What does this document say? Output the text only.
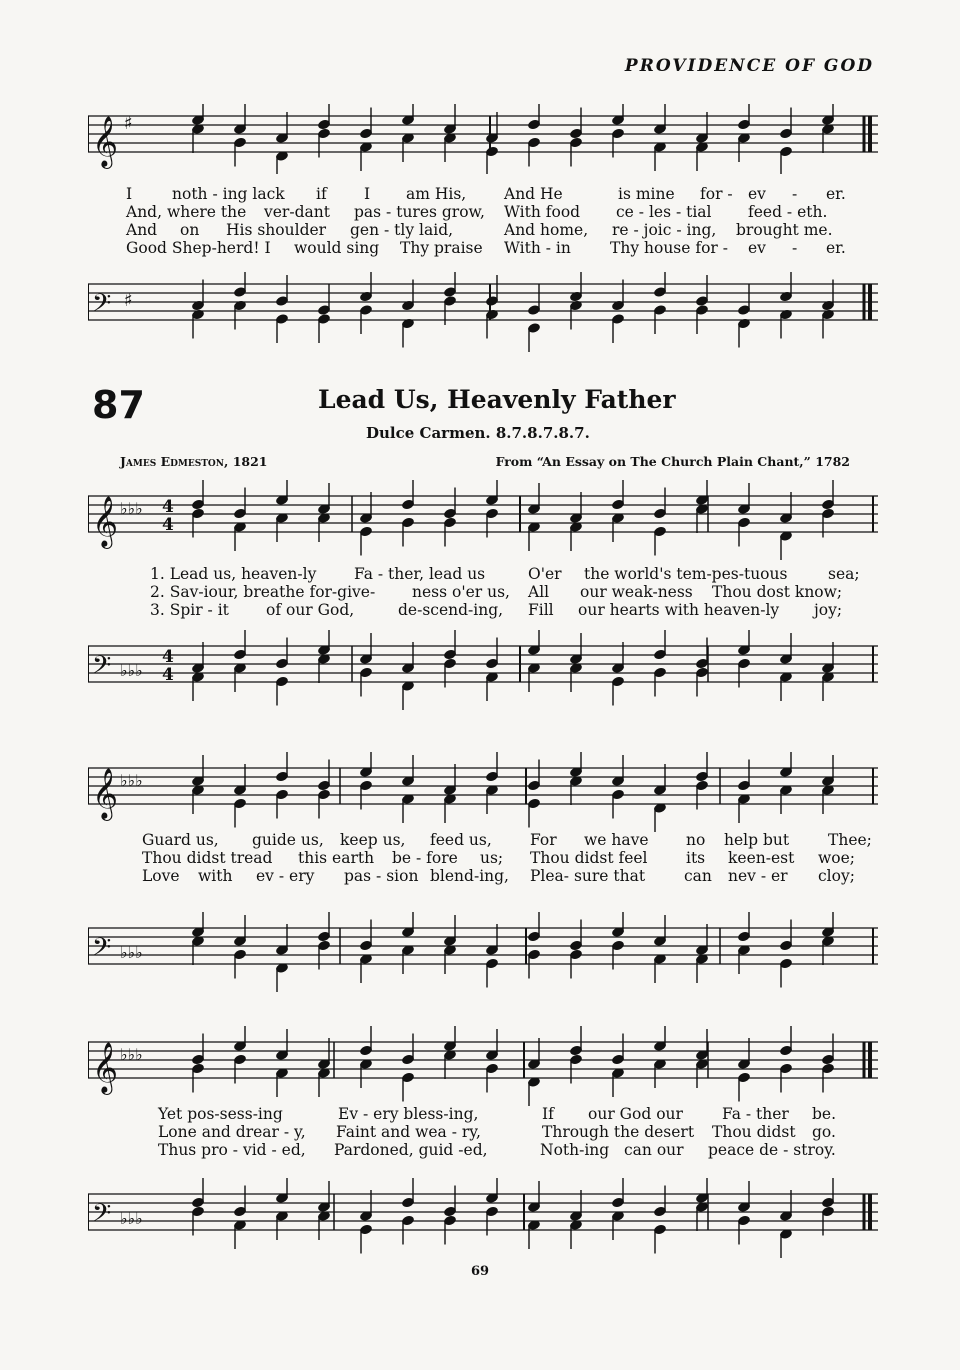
PROVIDENCE OF GOD
𝄞 ♯
I	noth - ing lack if I am His, And He	is mine for - ev - er.
And, where the ver-dant pas - tures grow, With food ce - les - tial feed - eth.
And on His shoulder gen - tly laid,	And home, re - joic - ing, brought me.
Good Shep-herd! I would sing Thy praise With - in	Thy house for - ev - er.
𝄢 ♯
87	Lead Us, Heavenly Father
Dulce Carmen. 8.7.8.7.8.7.
James Edmeston, 1821	From “An Essay on The Church Plain Chant,” 1782
𝄞 ♭♭♭ 4
4
1. Lead us, heaven-ly Fa - ther, lead us	O'er the world's tem-pes-tuous	sea;
2. Sav-iour, breathe for-give- ness o'er us, All our weak-ness Thou dost know;
3. Spir - it of our God,	de-scend-ing, Fill our hearts with heaven-ly joy;
𝄢 ♭♭♭
4
4
𝄞 ♭♭♭
Guard us, guide us, keep us, feed us, For we have no help but	Thee;
Thou didst tread this earth be - fore us; Thou didst feel its keen-est woe;
Love with ev - ery pas - sion blend-ing, Plea- sure that	can nev - er cloy;
𝄢 ♭♭♭
𝄞 ♭♭♭
Yet pos-sess-ing	Ev - ery bless-ing,	If our God our	Fa - ther be.
Lone and drear - y, Faint and wea - ry,	Through the desert Thou didst go.
Thus pro - vid - ed, Pardoned, guid -ed,	Noth-ing can our peace de - stroy.
𝄢 ♭♭♭
69
